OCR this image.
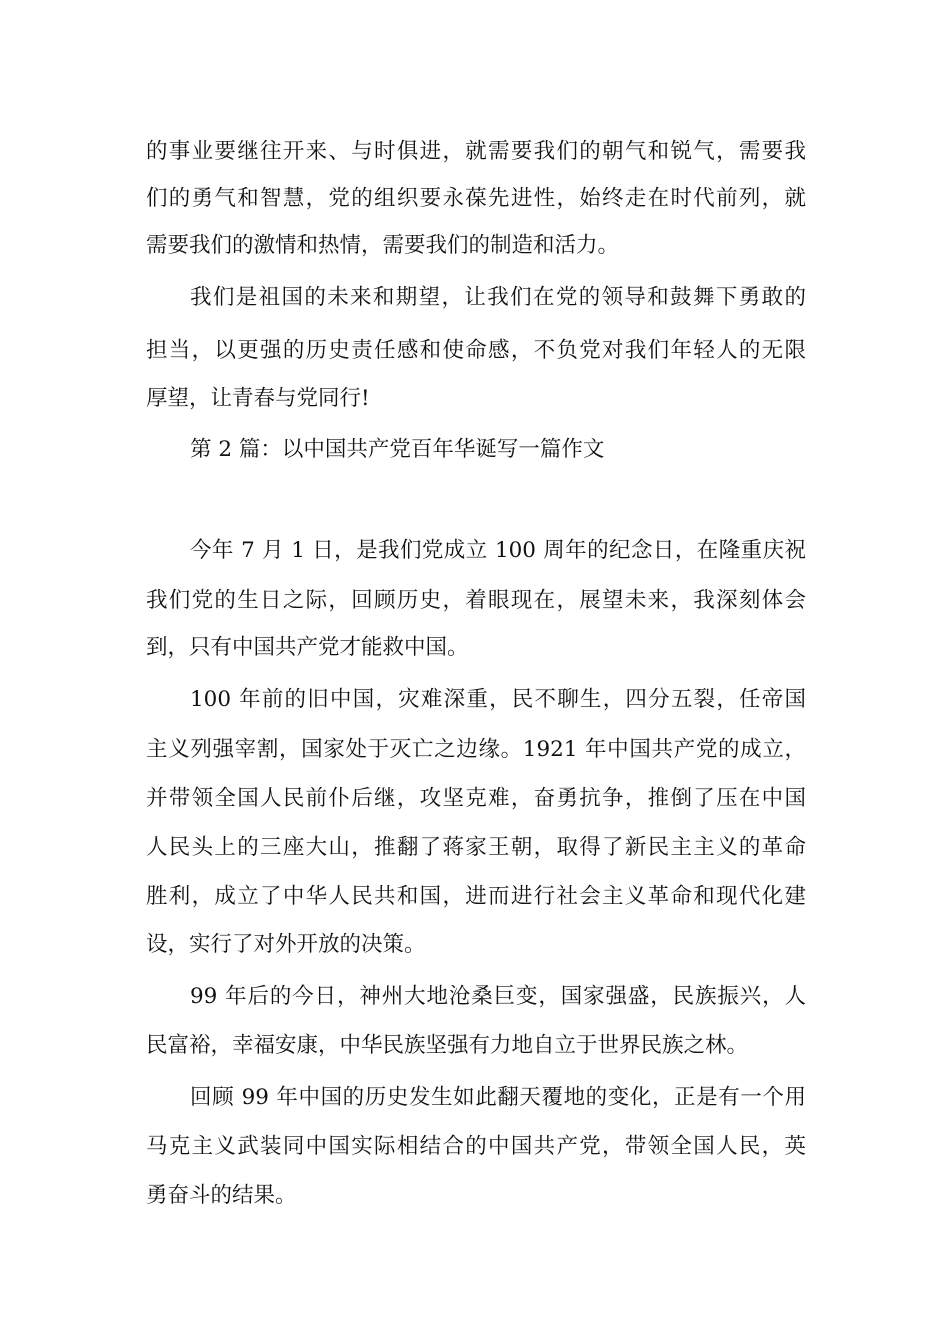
的事业要继往开来、与时俱进，就需要我们的朝气和锐气，需要我
们的勇气和智慧，党的组织要永葆先进性，始终走在时代前列，就
需要我们的激情和热情，需要我们的制造和活力。
我们是祖国的未来和期望，让我们在党的领导和鼓舞下勇敢的
担当，以更强的历史责任感和使命感，不负党对我们年轻人的无限
厚望，让青春与党同行!
第 2 篇：以中国共产党百年华诞写一篇作文
今年 7 月 1 日，是我们党成立 100 周年的纪念日，在隆重庆祝
我们党的生日之际，回顾历史，着眼现在，展望未来，我深刻体会
到，只有中国共产党才能救中国。
100 年前的旧中国，灾难深重，民不聊生，四分五裂，任帝国
主义列强宰割，国家处于灭亡之边缘。1921 年中国共产党的成立，
并带领全国人民前仆后继，攻坚克难，奋勇抗争，推倒了压在中国
人民头上的三座大山，推翻了蒋家王朝，取得了新民主主义的革命
胜利，成立了中华人民共和国，进而进行社会主义革命和现代化建
设，实行了对外开放的决策。
99 年后的今日，神州大地沧桑巨变，国家强盛，民族振兴，人
民富裕，幸福安康，中华民族坚强有力地自立于世界民族之林。
回顾 99 年中国的历史发生如此翻天覆地的变化，正是有一个用
马克主义武装同中国实际相结合的中国共产党，带领全国人民，英
勇奋斗的结果。
